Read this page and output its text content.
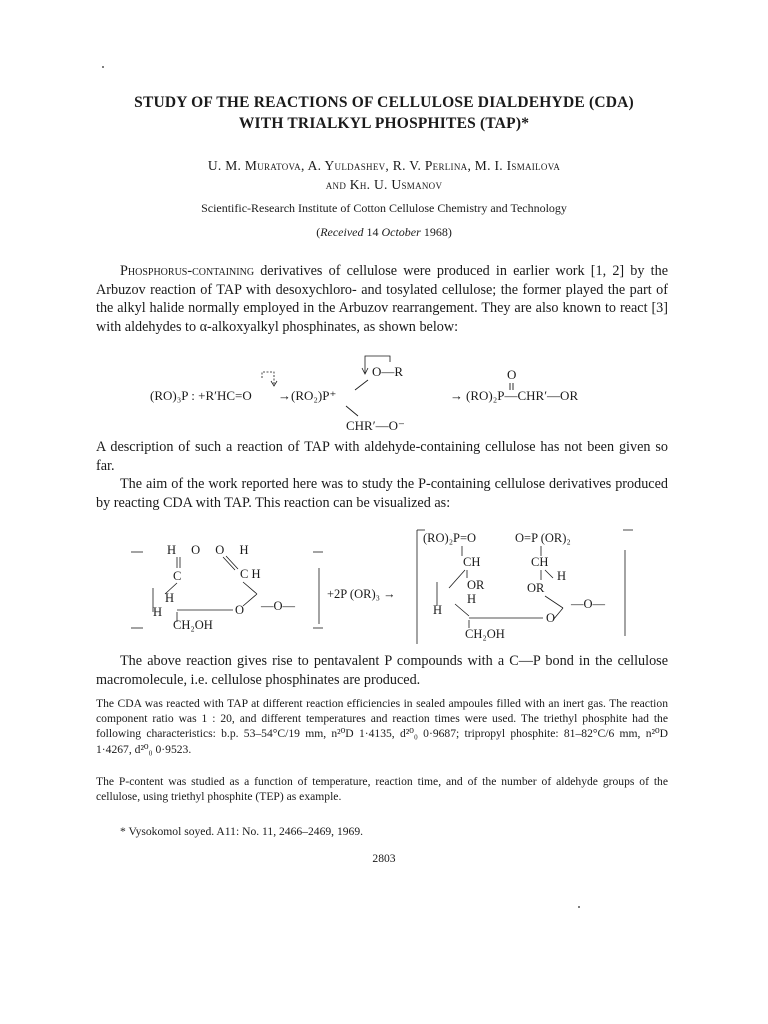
STUDY OF THE REACTIONS OF CELLULOSE DIALDEHYDE (CDA)
WITH TRIALKYL PHOSPHITES (TAP)*
U. M. Muratova, A. Yuldashev, R. V. Perlina, M. I. Ismailova
and Kh. U. Usmanov
Scientific-Research Institute of Cotton Cellulose Chemistry and Technology
(Received 14 October 1968)
Phosphorus-containing derivatives of cellulose were produced in earlier work [1, 2] by the Arbuzov reaction of TAP with desoxychloro- and tosylated cellulose; the former played the part of the alkyl halide normally employed in the Arbuzov rearrangement. They are also known to react [3] with aldehydes to α-alkoxyalkyl phosphinates, as shown below:
(RO)₃P : +R′HC=O → (RO₂)P⁺
O—R
CHR′—O⁻
→
O
(RO)₂P—CHR′—OR
A description of such a reaction of TAP with aldehyde-containing cellulose has not been given so far.
The aim of the work reported here was to study the P-containing cellulose derivatives produced by reacting CDA with TAP. This reaction can be visualized as:
H O O H
C	C H
H
H	O —O—
CH₂OH
+2P (OR)₃ →
(RO)₂P=O	O=P (OR)₂
CH	CH
H
OR	OR
H	—O—
H
O
CH₂OH
The above reaction gives rise to pentavalent P compounds with a C—P bond in the cellulose macromolecule, i.e. cellulose phosphinates are produced.
The CDA was reacted with TAP at different reaction efficiencies in sealed ampoules filled with an inert gas. The reaction component ratio was 1 : 20, and different temperatures and reaction times were used. The triethyl phosphite had the following characteristics: b.p. 53–54°C/19 mm, n²⁰D 1·4135, d²⁰₀ 0·9687; tripropyl phosphite: 81–82°C/6 mm, n²⁰D 1·4267, d²⁰₀ 0·9523.
The P-content was studied as a function of temperature, reaction time, and of the number of aldehyde groups of the cellulose, using triethyl phosphite (TEP) as example.
* Vysokomol soyed. A11: No. 11, 2466–2469, 1969.
2803
